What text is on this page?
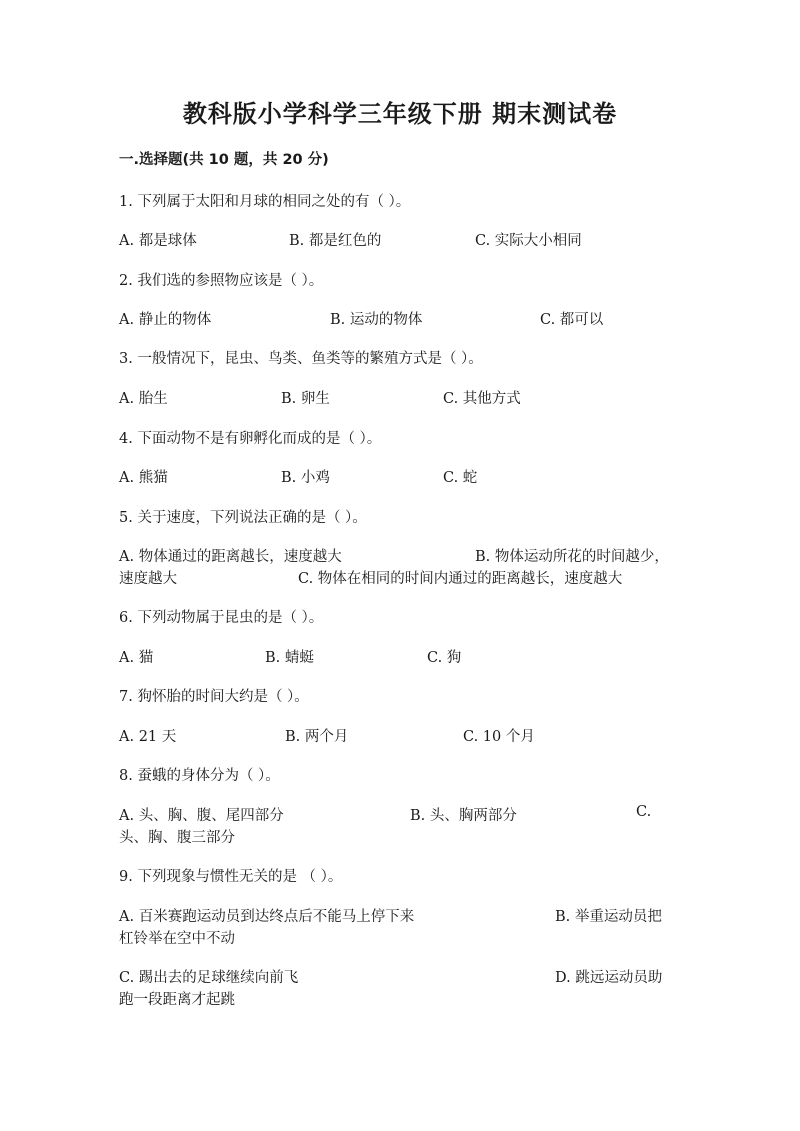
教科版小学科学三年级下册 期末测试卷
一.选择题(共 10 题，共 20 分)
1. 下列属于太阳和月球的相同之处的有（ ）。
A. 都是球体	B. 都是红色的	C. 实际大小相同
2. 我们选的参照物应该是（ ）。
A. 静止的物体	B. 运动的物体	C. 都可以
3. 一般情况下，昆虫、鸟类、鱼类等的繁殖方式是（ ）。
A. 胎生	B. 卵生	C. 其他方式
4. 下面动物不是有卵孵化而成的是（ ）。
A. 熊猫	B. 小鸡	C. 蛇
5. 关于速度，下列说法正确的是（ ）。
A. 物体通过的距离越长，速度越大	B. 物体运动所花的时间越少，
速度越大	C. 物体在相同的时间内通过的距离越长，速度越大
6. 下列动物属于昆虫的是（ ）。
A. 猫	B. 蜻蜓	C. 狗
7. 狗怀胎的时间大约是（ ）。
A. 21 天	B. 两个月	C. 10 个月
8. 蚕蛾的身体分为（ ）。
A. 头、胸、腹、尾四部分	B. 头、胸两部分	C.
头、胸、腹三部分
9. 下列现象与惯性无关的是 （ ）。
A. 百米赛跑运动员到达终点后不能马上停下来	B. 举重运动员把
杠铃举在空中不动
C. 踢出去的足球继续向前飞	D. 跳远运动员助
跑一段距离才起跳
